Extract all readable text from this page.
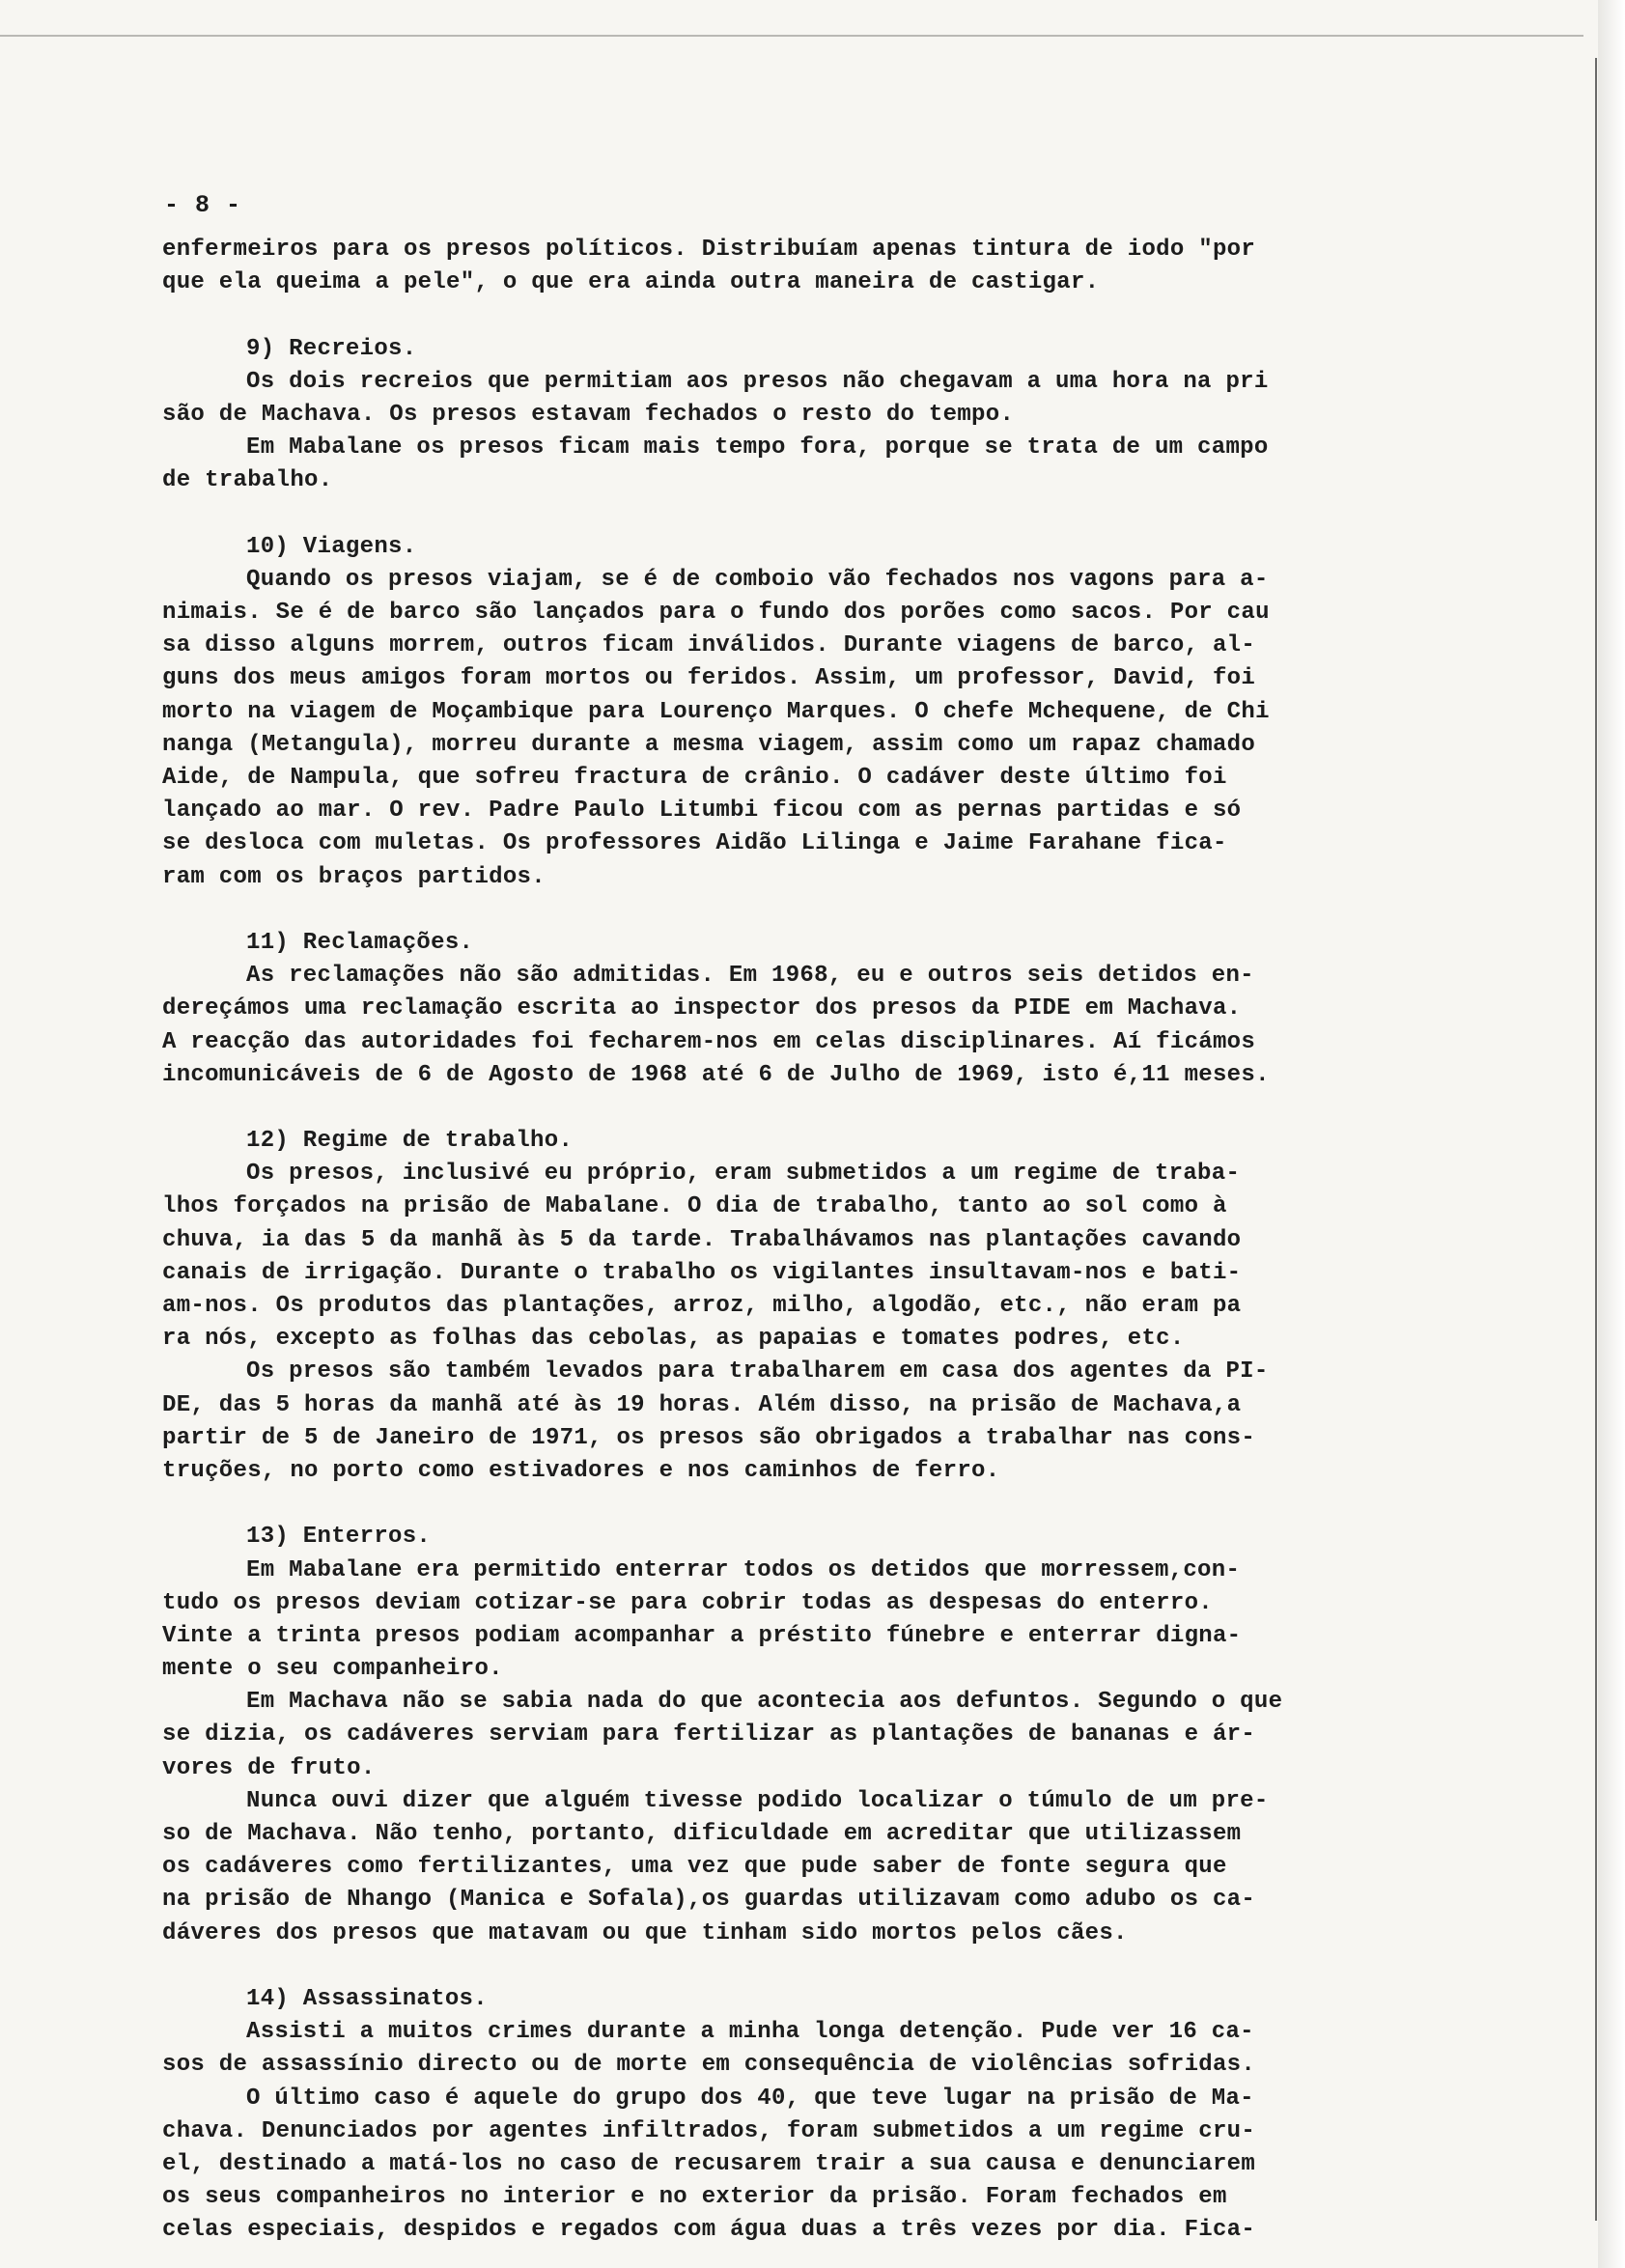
- 8 -
enfermeiros para os presos políticos. Distribuíam apenas tintura de iodo "por
que ela queima a pele", o que era ainda outra maneira de castigar.
9) Recreios.
Os dois recreios que permitiam aos presos não chegavam a uma hora na pri
são de Machava. Os presos estavam fechados o resto do tempo.
Em Mabalane os presos ficam mais tempo fora, porque se trata de um campo
de trabalho.
10) Viagens.
Quando os presos viajam, se é de comboio vão fechados nos vagons para a-
nimais. Se é de barco são lançados para o fundo dos porões como sacos. Por cau
sa disso alguns morrem, outros ficam inválidos. Durante viagens de barco, al-
guns dos meus amigos foram mortos ou feridos. Assim, um professor, David, foi
morto na viagem de Moçambique para Lourenço Marques. O chefe Mchequene, de Chi
nanga (Metangula), morreu durante a mesma viagem, assim como um rapaz chamado
Aide, de Nampula, que sofreu fractura de crânio. O cadáver deste último foi
lançado ao mar. O rev. Padre Paulo Litumbi ficou com as pernas partidas e só
se desloca com muletas. Os professores Aidão Lilinga e Jaime Farahane fica-
ram com os braços partidos.
11) Reclamações.
As reclamações não são admitidas. Em 1968, eu e outros seis detidos en-
dereçámos uma reclamação escrita ao inspector dos presos da PIDE em Machava.
A reacção das autoridades foi fecharem-nos em celas disciplinares. Aí ficámos
incomunicáveis de 6 de Agosto de 1968 até 6 de Julho de 1969, isto é,11 meses.
12) Regime de trabalho.
Os presos, inclusivé eu próprio, eram submetidos a um regime de traba-
lhos forçados na prisão de Mabalane. O dia de trabalho, tanto ao sol como à
chuva, ia das 5 da manhã às 5 da tarde. Trabalhávamos nas plantações cavando
canais de irrigação. Durante o trabalho os vigilantes insultavam-nos e bati-
am-nos. Os produtos das plantações, arroz, milho, algodão, etc., não eram pa
ra nós, excepto as folhas das cebolas, as papaias e tomates podres, etc.
Os presos são também levados para trabalharem em casa dos agentes da PI-
DE, das 5 horas da manhã até às 19 horas. Além disso, na prisão de Machava,a
partir de 5 de Janeiro de 1971, os presos são obrigados a trabalhar nas cons-
truções, no porto como estivadores e nos caminhos de ferro.
13) Enterros.
Em Mabalane era permitido enterrar todos os detidos que morressem,con-
tudo os presos deviam cotizar-se para cobrir todas as despesas do enterro.
Vinte a trinta presos podiam acompanhar a préstito fúnebre e enterrar digna-
mente o seu companheiro.
Em Machava não se sabia nada do que acontecia aos defuntos. Segundo o que
se dizia, os cadáveres serviam para fertilizar as plantações de bananas e ár-
vores de fruto.
Nunca ouvi dizer que alguém tivesse podido localizar o túmulo de um pre-
so de Machava. Não tenho, portanto, dificuldade em acreditar que utilizassem
os cadáveres como fertilizantes, uma vez que pude saber de fonte segura que
na prisão de Nhango (Manica e Sofala),os guardas utilizavam como adubo os ca-
dáveres dos presos que matavam ou que tinham sido mortos pelos cães.
14) Assassinatos.
Assisti a muitos crimes durante a minha longa detenção. Pude ver 16 ca-
sos de assassínio directo ou de morte em consequência de violências sofridas.
O último caso é aquele do grupo dos 40, que teve lugar na prisão de Ma-
chava. Denunciados por agentes infiltrados, foram submetidos a um regime cru-
el, destinado a matá-los no caso de recusarem trair a sua causa e denunciarem
os seus companheiros no interior e no exterior da prisão. Foram fechados em
celas especiais, despidos e regados com água duas a três vezes por dia. Fica-
